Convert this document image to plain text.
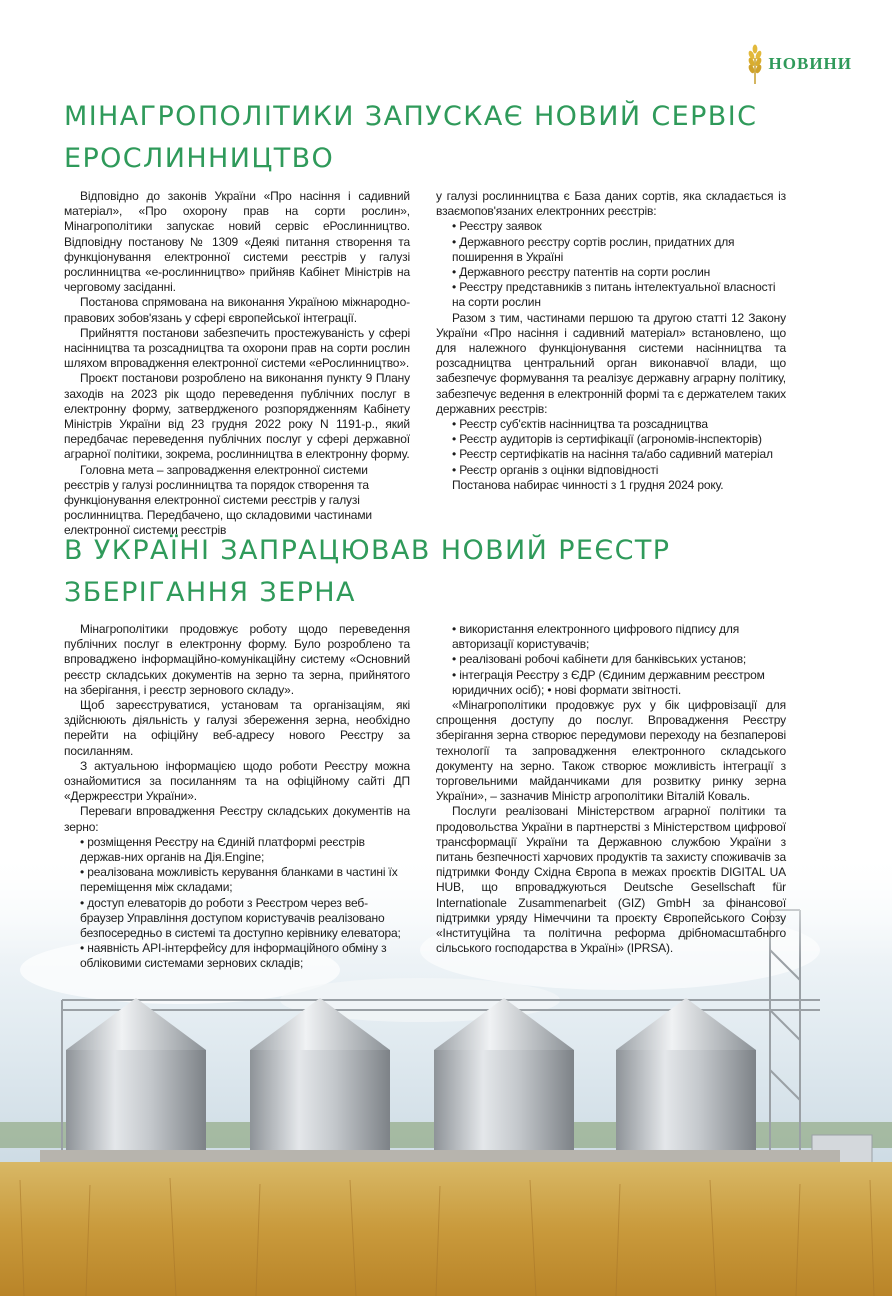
НОВИНИ
МІНАГРОПОЛІТИКИ ЗАПУСКАЄ НОВИЙ СЕРВІС
ЕРОСЛИННИЦТВО

Відповідно до законів України «Про насіння і садивний матеріал», «Про охорону прав на сорти рослин», Мінагрополітики запускає новий сервіс еРослинництво. Відповідну постанову № 1309 «Деякі питання створення та функціонування електронної системи реєстрів у галузі рослинництва «е-рослинництво» прийняв Кабінет Міністрів на черговому засіданні.

Постанова спрямована на виконання Україною міжнародно-правових зобов'язань у сфері європейської інтеграції.

Прийняття постанови забезпечить простежуваність у сфері насінництва та розсадництва та охорони прав на сорти рослин шляхом впровадження електронної системи «еРослинництво».

Проєкт постанови розроблено на виконання пункту 9 Плану заходів на 2023 рік щодо переведення публічних послуг в електронну форму, затвердженого розпорядженням Кабінету Міністрів України від 23 грудня 2022 року N 1191-р., який передбачає переведення публічних послуг у сфері державної аграрної політики, зокрема, рослинництва в електронну форму.

Головна мета – запровадження електронної системи реєстрів у галузі рослинництва та порядок створення та функціонування електронної системи реєстрів у галузі рослинництва. Передбачено, що складовими частинами електронної системи реєстрів

у галузі рослинництва є База даних сортів, яка складається із взаємопов'язаних електронних реєстрів:

• Реєстру заявок

• Державного реєстру сортів рослин, придатних для поширення в Україні

• Державного реєстру патентів на сорти рослин

• Реєстру представників з питань інтелектуальної власності на сорти рослин

Разом з тим, частинами першою та другою статті 12 Закону України «Про насіння і садивний матеріал» встановлено, що для належного функціонування системи насінництва та розсадництва центральний орган виконавчої влади, що забезпечує формування та реалізує державну аграрну політику, забезпечує ведення в електронній формі та є держателем таких державних реєстрів:

• Реєстр суб'єктів насінництва та розсадництва

• Реєстр аудиторів із сертифікації (агрономів-інспекторів)

• Реєстр сертифікатів на насіння та/або садивний матеріал

• Реєстр органів з оцінки відповідності

Постанова набирає чинності з 1 грудня 2024 року.

В УКРАЇНІ ЗАПРАЦЮВАВ НОВИЙ РЕЄСТР
ЗБЕРІГАННЯ ЗЕРНА

Мінагрополітики продовжує роботу щодо переведення публічних послуг в електронну форму. Було розроблено та впроваджено інформаційно-комунікаційну систему «Основний реєстр складських документів на зерно та зерна, прийнятого на зберігання, і реєстр зернового складу».

Щоб зареєструватися, установам та організаціям, які здійснюють діяльність у галузі збереження зерна, необхідно перейти на офіційну веб-адресу нового Реєстру за посиланням.

З актуальною інформацією щодо роботи Реєстру можна ознайомитися за посиланням та на офіційному сайті ДП «Держреєстри України».

Переваги впровадження Реєстру складських документів на зерно:

• розміщення Реєстру на Єдиній платформі реєстрів держав-них органів на Дія.Engine;

• реалізована можливість керування бланками в частині їх переміщення між складами;

• доступ елеваторів до роботи з Реєстром через веб-браузер Управління доступом користувачів реалізовано безпосередньо в системі та доступно керівнику елеватора;

• наявність API-інтерфейсу для інформаційного обміну з обліковими системами зернових складів;

• використання електронного цифрового підпису для авторизації користувачів;

• реалізовані робочі кабінети для банківських установ;

• інтеграція Реєстру з ЄДР (Єдиним державним реєстром юридичних осіб); • нові формати звітності.

«Мінагрополітики продовжує рух у бік цифровізації для спрощення доступу до послуг. Впровадження Реєстру зберігання зерна створює передумови переходу на безпаперові технології та запровадження електронного складського документу на зерно. Також створює можливість інтеграції з торговельними майданчиками для розвитку ринку зерна України», – зазначив Міністр агрополітики Віталій Коваль.

Послуги реалізовані Міністерством аграрної політики та продовольства України в партнерстві з Міністерством цифрової трансформації України та Державною службою України з питань безпечності харчових продуктів та захисту споживачів за підтримки Фонду Східна Європа в межах проєктів DIGITAL UA HUB, що впроваджуються Deutsche Gesellschaft für Internationale Zusammenarbeit (GIZ) GmbH за фінансової підтримки уряду Німеччини та проєкту Європейського Союзу «Інституційна та політична реформа дрібномасштабного сільського господарства в Україні» (IPRSA).
